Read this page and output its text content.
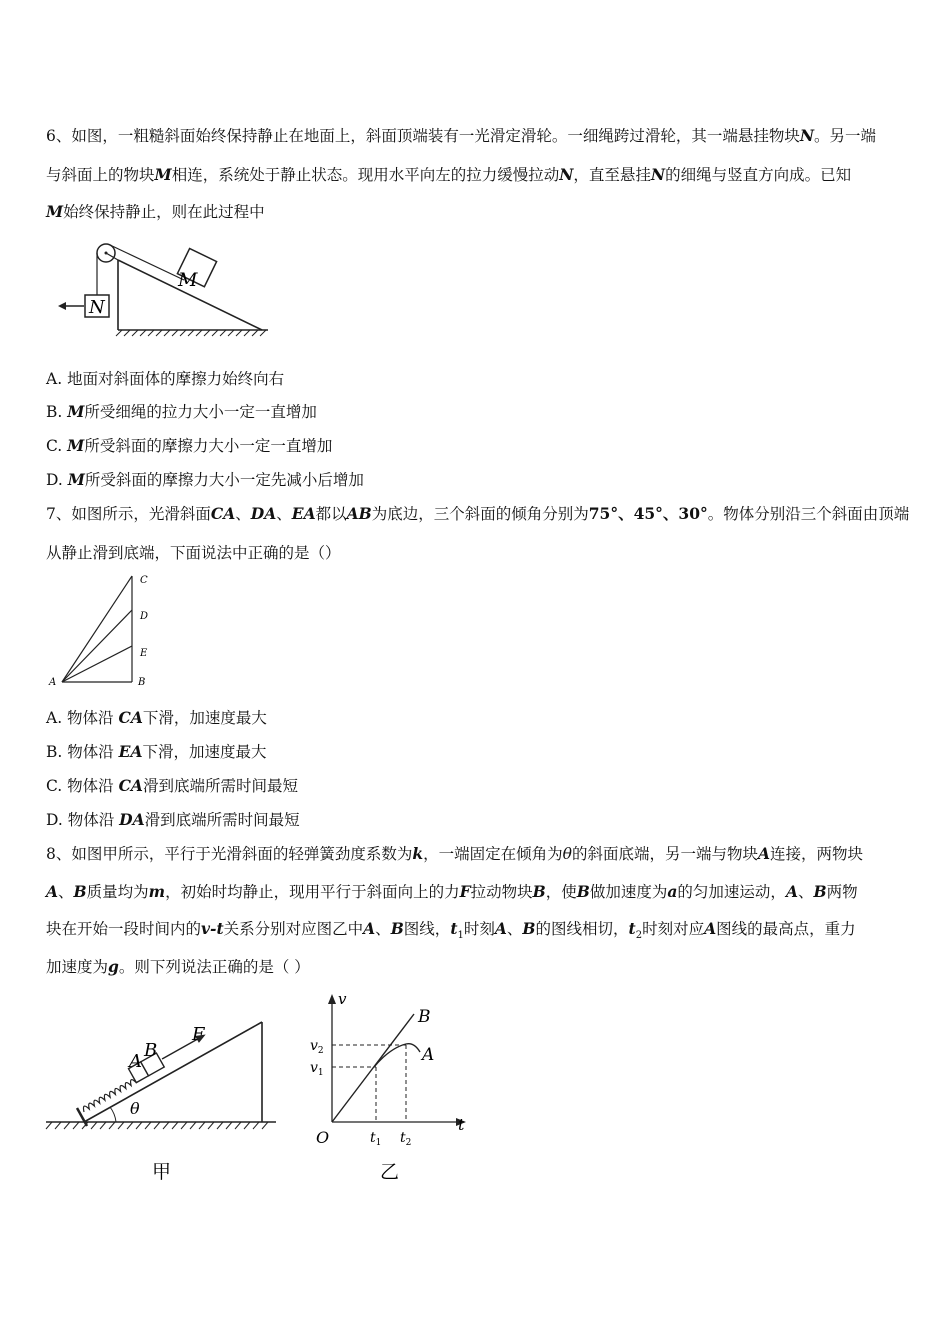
6、如图，一粗糙斜面始终保持静止在地面上，斜面顶端装有一光滑定滑轮。一细绳跨过滑轮，其一端悬挂物块N。另一端
与斜面上的物块M相连，系统处于静止状态。现用水平向左的拉力缓慢拉动N，直至悬挂N的细绳与竖直方向成。已知
M始终保持静止，则在此过程中
M
N
A. 地面对斜面体的摩擦力始终向右
B. M所受细绳的拉力大小一定一直增加
C. M所受斜面的摩擦力大小一定一直增加
D. M所受斜面的摩擦力大小一定先减小后增加
7、如图所示，光滑斜面CA、DA、EA都以AB为底边，三个斜面的倾角分别为75°、45°、30°。物体分别沿三个斜面由顶端
从静止滑到底端，下面说法中正确的是（）
A	B
C
D
E
A. 物体沿 CA下滑，加速度最大
B. 物体沿 EA下滑，加速度最大
C. 物体沿 CA滑到底端所需时间最短
D. 物体沿 DA滑到底端所需时间最短
8、如图甲所示，平行于光滑斜面的轻弹簧劲度系数为k，一端固定在倾角为θ的斜面底端，另一端与物块A连接，两物块
A、B质量均为m，初始时均静止，现用平行于斜面向上的力F拉动物块B，使B做加速度为a的匀加速运动，A、B两物
块在开始一段时间内的v-t关系分别对应图乙中A、B图线，$t_1$时刻A、B的图线相切，$t_2$时刻对应A图线的最高点，重力
加速度为g。则下列说法正确的是（ ）
θ
A
B
F
甲
v
t
O
B
A
$v_2$
$v_1$
$t_1$ $t_2$
乙
